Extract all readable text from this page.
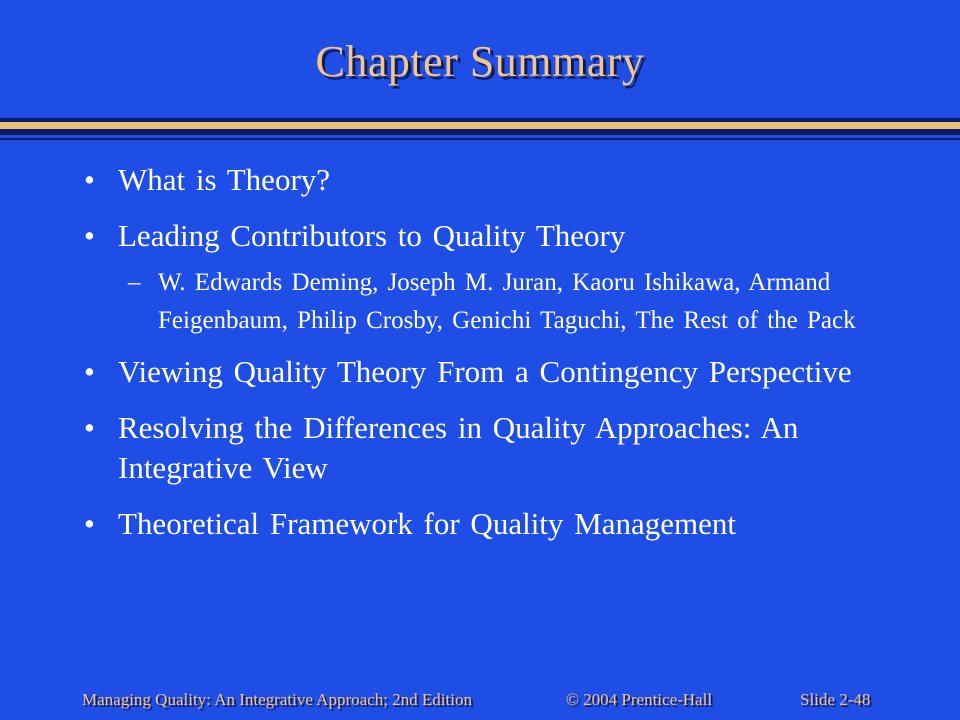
Chapter Summary
• What is Theory?
• Leading Contributors to Quality Theory
– W. Edwards Deming, Joseph M. Juran, Kaoru Ishikawa, Armand Feigenbaum, Philip Crosby, Genichi Taguchi, The Rest of the Pack
• Viewing Quality Theory From a Contingency Perspective
• Resolving the Differences in Quality Approaches: An Integrative View
• Theoretical Framework for Quality Management
Managing Quality: An Integrative Approach; 2nd Edition	© 2004 Prentice-Hall	Slide 2-48
